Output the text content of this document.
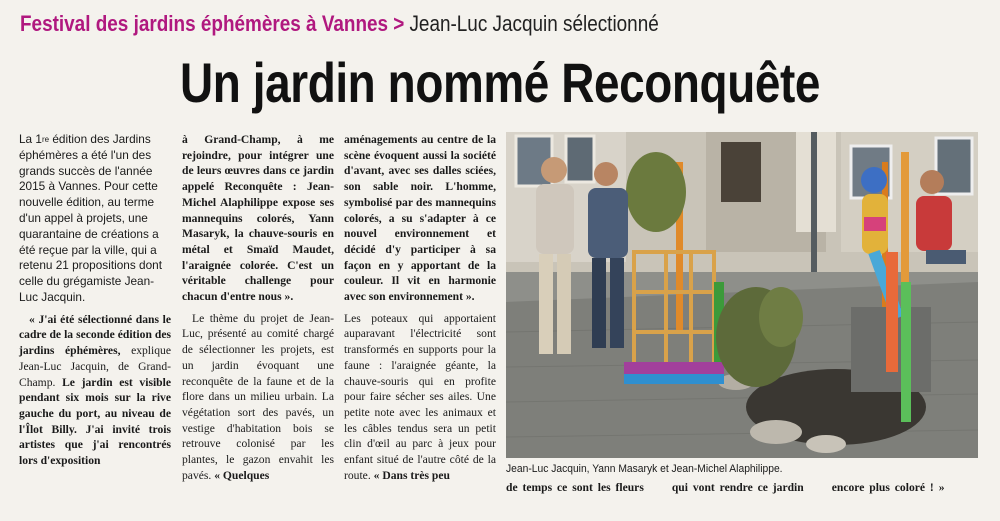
Festival des jardins éphémères à Vannes > Jean-Luc Jacquin sélectionné
Un jardin nommé Reconquête

La 1re édition des Jardins éphémères a été l'un des grands succès de l'année 2015 à Vannes. Pour cette nouvelle édition, au terme d'un appel à projets, une quarantaine de créations a été reçue par la ville, qui a retenu 21 propositions dont celle du grégamiste Jean-Luc Jacquin.

« J'ai été sélectionné dans le cadre de la seconde édition des jardins éphémères, explique Jean-Luc Jacquin, de Grand-Champ. Le jardin est visible pendant six mois sur la rive gauche du port, au niveau de l'Îlot Billy. J'ai invité trois artistes que j'ai rencontrés lors d'exposition

à Grand-Champ, à me rejoindre, pour intégrer une de leurs œuvres dans ce jardin appelé Reconquête : Jean-Michel Alaphilippe expose ses mannequins colorés, Yann Masaryk, la chauve-souris en métal et Smaïd Maudet, l'araignée colorée. C'est un véritable challenge pour chacun d'entre nous ».

Le thème du projet de Jean-Luc, présenté au comité chargé de sélectionner les projets, est un jardin évoquant une reconquête de la faune et de la flore dans un milieu urbain. La végétation sort des pavés, un vestige d'habitation bois se retrouve colonisé par les plantes, le gazon envahit les pavés. « Quelques

aménagements au centre de la scène évoquent aussi la société d'avant, avec ses dalles sciées, son sable noir. L'homme, symbolisé par des mannequins colorés, a su s'adapter à ce nouvel environnement et décidé d'y participer à sa façon en y apportant de la couleur. Il vit en harmonie avec son environnement ».

Les poteaux qui apportaient auparavant l'électricité sont transformés en supports pour la faune : l'araignée géante, la chauve-souris qui en profite pour faire sécher ses ailes. Une petite note avec les animaux et les câbles tendus sera un petit clin d'œil au parc à jeux pour enfant situé de l'autre côté de la route. « Dans très peu	Jean-Luc Jacquin, Yann Masaryk et Jean-Michel Alaphilippe.
de temps ce sont les fleurs qui vont rendre ce jardin encore plus coloré ! »
